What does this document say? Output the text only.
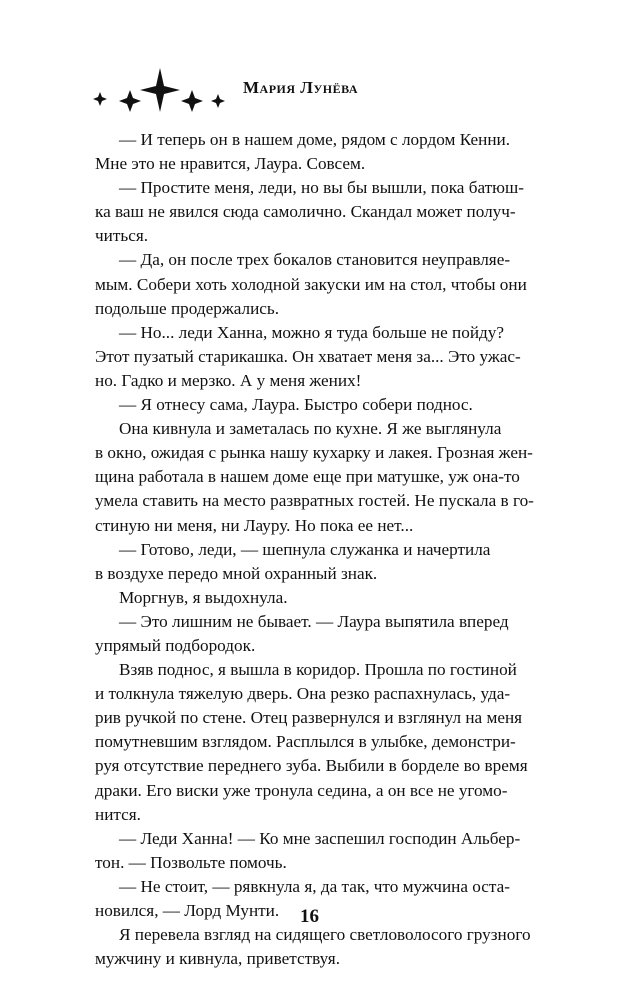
Мария Лунёва
— И теперь он в нашем доме, рядом с лордом Кенни.
Мне это не нравится, Лаура. Совсем.
— Простите меня, леди, но вы бы вышли, пока батюш-
ка ваш не явился сюда самолично. Скандал может получ-
читься.
— Да, он после трех бокалов становится неуправляе-
мым. Собери хоть холодной закуски им на стол, чтобы они
подольше продержались.
— Но... леди Ханна, можно я туда больше не пойду?
Этот пузатый старикашка. Он хватает меня за... Это ужас-
но. Гадко и мерзко. А у меня жених!
— Я отнесу сама, Лаура. Быстро собери поднос.
Она кивнула и заметалась по кухне. Я же выглянула
в окно, ожидая с рынка нашу кухарку и лакея. Грозная жен-
щина работала в нашем доме еще при матушке, уж она-то
умела ставить на место развратных гостей. Не пускала в го-
стиную ни меня, ни Лауру. Но пока ее нет...
— Готово, леди, — шепнула служанка и начертила
в воздухе передо мной охранный знак.
Моргнув, я выдохнула.
— Это лишним не бывает. — Лаура выпятила вперед
упрямый подбородок.
Взяв поднос, я вышла в коридор. Прошла по гостиной
и толкнула тяжелую дверь. Она резко распахнулась, уда-
рив ручкой по стене. Отец развернулся и взглянул на меня
помутневшим взглядом. Расплылся в улыбке, демонстри-
руя отсутствие переднего зуба. Выбили в борделе во время
драки. Его виски уже тронула седина, а он все не угомо-
нится.
— Леди Ханна! — Ко мне заспешил господин Альбер-
тон. — Позвольте помочь.
— Не стоит, — рявкнула я, да так, что мужчина оста-
новился, — Лорд Мунти.
Я перевела взгляд на сидящего светловолосого грузного
мужчину и кивнула, приветствуя.
16
